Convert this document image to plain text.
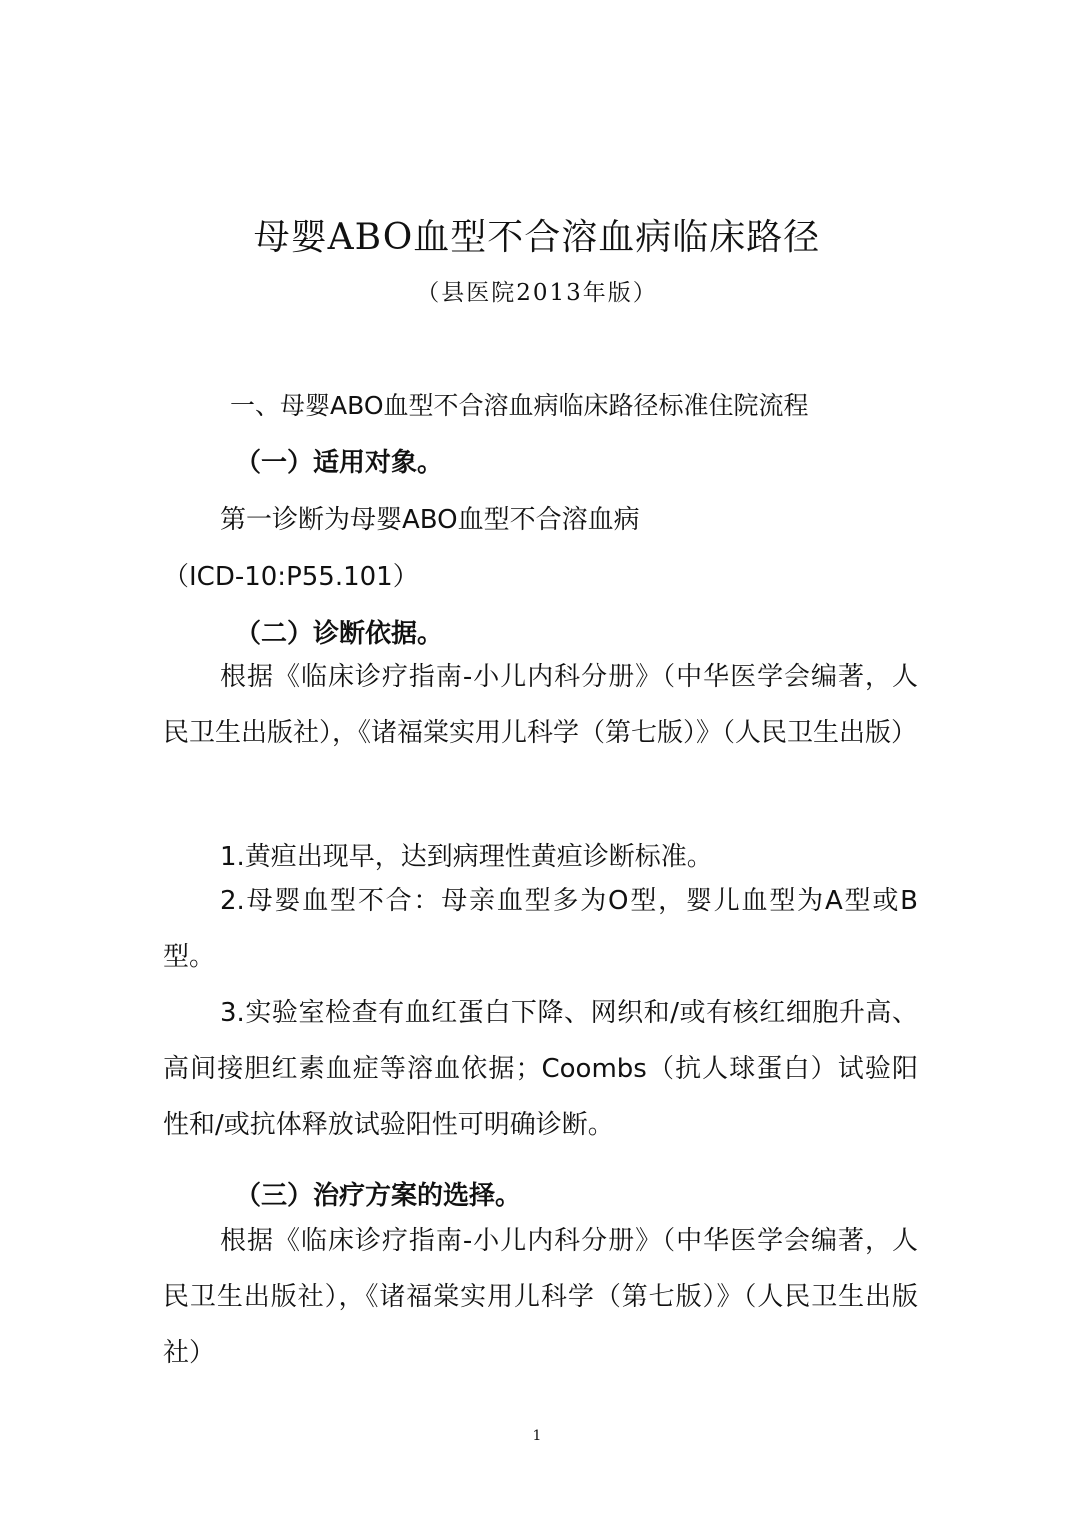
母婴ABO血型不合溶血病临床路径
（县医院2013年版）
一、母婴ABO血型不合溶血病临床路径标准住院流程
（一）适用对象。
第一诊断为母婴ABO血型不合溶血病
（ICD-10:P55.101）
（二）诊断依据。

根据《临床诊疗指南-小儿内科分册》（中华医学会编著，人民卫生出版社），《诸福棠实用儿科学（第七版）》（人民卫生出版）

1.黄疸出现早，达到病理性黄疸诊断标准。

2.母婴血型不合：母亲血型多为O型，婴儿血型为A型或B型。

3.实验室检查有血红蛋白下降、网织和/或有核红细胞升高、高间接胆红素血症等溶血依据；Coombs（抗人球蛋白）试验阳性和/或抗体释放试验阳性可明确诊断。

（三）治疗方案的选择。

根据《临床诊疗指南-小儿内科分册》（中华医学会编著，人民卫生出版社），《诸福棠实用儿科学（第七版）》（人民卫生出版社）

1
